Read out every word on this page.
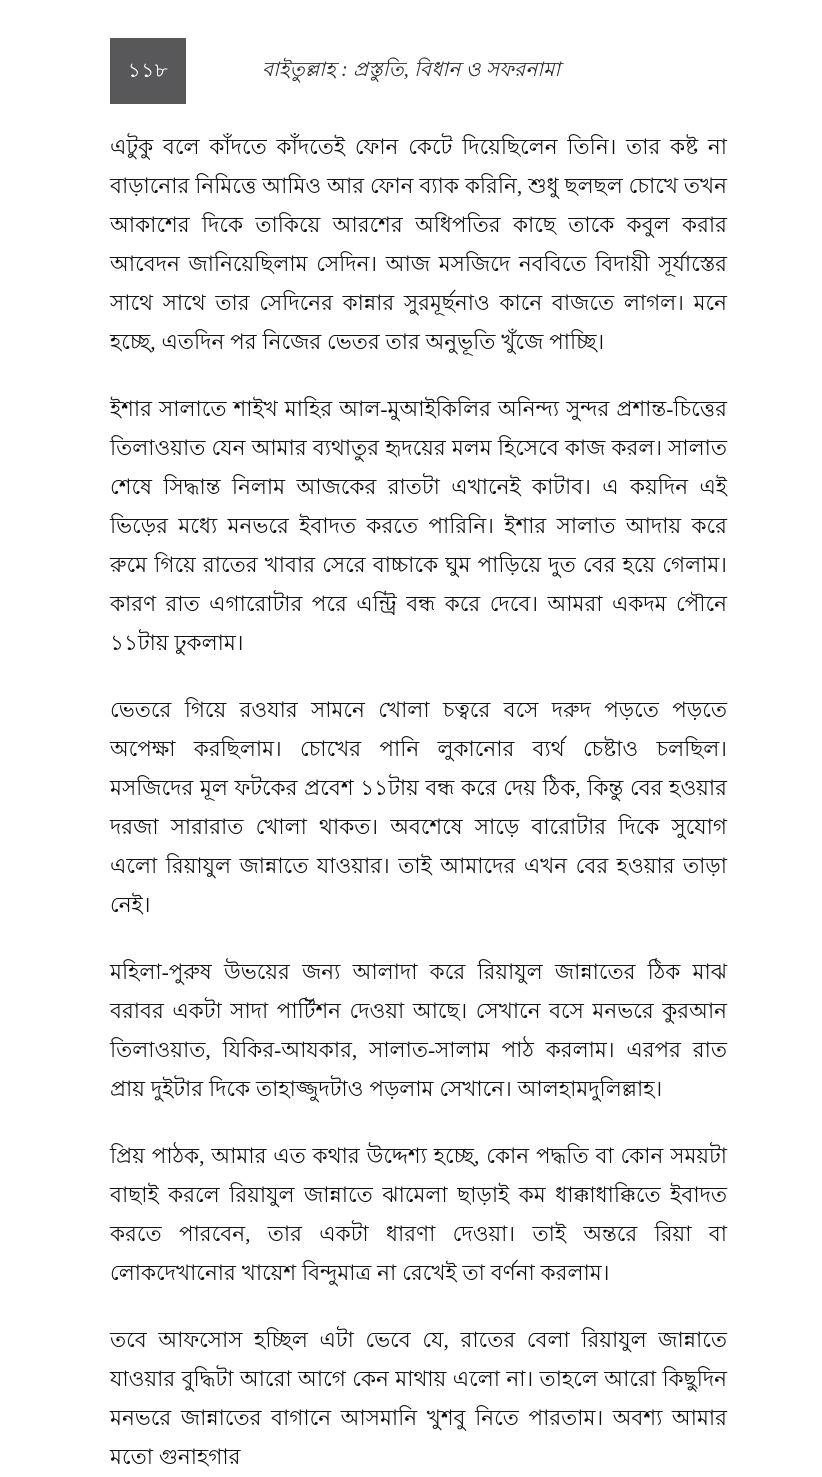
১১৮	বাইতুল্লাহ : প্রস্তুতি, বিধান ও সফরনামা

এটুকু বলে কাঁদতে কাঁদতেই ফোন কেটে দিয়েছিলেন তিনি। তার কষ্ট না বাড়ানোর নিমিত্তে আমিও আর ফোন ব্যাক করিনি, শুধু ছলছল চোখে তখন আকাশের দিকে তাকিয়ে আরশের অধিপতির কাছে তাকে কবুল করার আবেদন জানিয়েছিলাম সেদিন। আজ মসজিদে নববিতে বিদায়ী সূর্যাস্তের সাথে সাথে তার সেদিনের কান্নার সুরমূর্ছনাও কানে বাজতে লাগল। মনে হচ্ছে, এতদিন পর নিজের ভেতর তার অনুভূতি খুঁজে পাচ্ছি।

ইশার সালাতে শাইখ মাহির আল-মুআইকিলির অনিন্দ্য সুন্দর প্রশান্ত-চিত্তের তিলাওয়াত যেন আমার ব্যথাতুর হৃদয়ের মলম হিসেবে কাজ করল। সালাত শেষে সিদ্ধান্ত নিলাম আজকের রাতটা এখানেই কাটাব। এ কয়দিন এই ভিড়ের মধ্যে মনভরে ইবাদত করতে পারিনি। ইশার সালাত আদায় করে রুমে গিয়ে রাতের খাবার সেরে বাচ্চাকে ঘুম পাড়িয়ে দুত বের হয়ে গেলাম। কারণ রাত এগারোটার পরে এন্ট্রি বন্ধ করে দেবে। আমরা একদম পৌনে ১১টায় ঢুকলাম।

ভেতরে গিয়ে রওযার সামনে খোলা চত্বরে বসে দরুদ পড়তে পড়তে অপেক্ষা করছিলাম। চোখের পানি লুকানোর ব্যর্থ চেষ্টাও চলছিল। মসজিদের মূল ফটকের প্রবেশ ১১টায় বন্ধ করে দেয় ঠিক, কিন্তু বের হওয়ার দরজা সারারাত খোলা থাকত। অবশেষে সাড়ে বারোটার দিকে সুযোগ এলো রিয়াযুল জান্নাতে যাওয়ার। তাই আমাদের এখন বের হওয়ার তাড়া নেই।

মহিলা-পুরুষ উভয়ের জন্য আলাদা করে রিয়াযুল জান্নাতের ঠিক মাঝ বরাবর একটা সাদা পার্টিশন দেওয়া আছে। সেখানে বসে মনভরে কুরআন তিলাওয়াত, যিকির-আযকার, সালাত-সালাম পাঠ করলাম। এরপর রাত প্রায় দুইটার দিকে তাহাজ্জুদটাও পড়লাম সেখানে। আলহামদুলিল্লাহ।

প্রিয় পাঠক, আমার এত কথার উদ্দেশ্য হচ্ছে, কোন পদ্ধতি বা কোন সময়টা বাছাই করলে রিয়াযুল জান্নাতে ঝামেলা ছাড়াই কম ধাক্কাধাক্কিতে ইবাদত করতে পারবেন, তার একটা ধারণা দেওয়া। তাই অন্তরে রিয়া বা লোকদেখানোর খায়েশ বিন্দুমাত্র না রেখেই তা বর্ণনা করলাম।

তবে আফসোস হচ্ছিল এটা ভেবে যে, রাতের বেলা রিয়াযুল জান্নাতে যাওয়ার বুদ্ধিটা আরো আগে কেন মাথায় এলো না। তাহলে আরো কিছুদিন মনভরে জান্নাতের বাগানে আসমানি খুশবু নিতে পারতাম। অবশ্য আমার মতো গুনাহগার
